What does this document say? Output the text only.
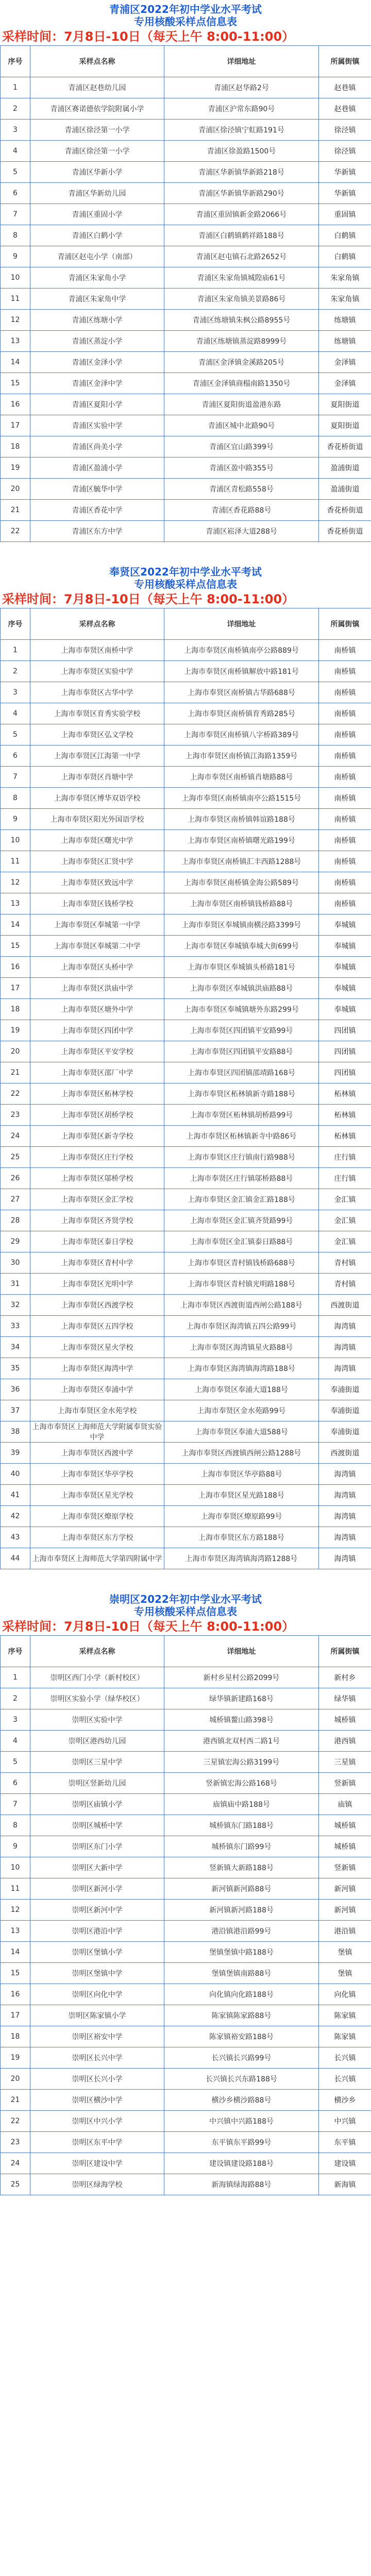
青浦区2022年初中学业水平考试
专用核酸采样点信息表
采样时间：7月8日-10日（每天上午 8:00-11:00）
序号	采样点名称	详细地址	所属街镇
1	青浦区赵巷幼儿园	青浦区赵华路2号	赵巷镇
2	青浦区赛诺德依学院附属小学	青浦区沪常东路90号	赵巷镇
3	青浦区徐泾第一小学	青浦区徐泾镇宁虹路191号	徐泾镇
4	青浦区徐泾第一小学	青浦区徐盈路1500号	徐泾镇
5	青浦区华新小学	青浦区华新镇华新路218号	华新镇
6	青浦区华新幼儿园	青浦区华新镇华新路290号	华新镇
7	青浦区重固小学	青浦区重固镇新金路2066号	重固镇
8	青浦区白鹤小学	青浦区白鹤镇鹤祥路188号	白鹤镇
9	青浦区赵屯小学（南部）	青浦区赵屯镇石北路2652号	白鹤镇
10	青浦区朱家角小学	青浦区朱家角镇城隍庙61号	朱家角镇
11	青浦区朱家角中学	青浦区朱家角镇美景路86号	朱家角镇
12	青浦区练塘小学	青浦区练塘镇朱枫公路8955号	练塘镇
13	青浦区蒸淀小学	青浦区练塘镇蒸淀路8999号	练塘镇
14	青浦区金泽小学	青浦区金泽镇金溪路205号	金泽镇
15	青浦区金泽中学	青浦区金泽镇商榻南路1350号	金泽镇
16	青浦区夏阳小学	青浦区夏阳街道盈港东路	夏阳街道
17	青浦区实验中学	青浦区城中北路90号	夏阳街道
18	青浦区尚美小学	青浦区宜山路399号	香花桥街道
19	青浦区盈浦小学	青浦区盈中路355号	盈浦街道
20	青浦区毓华中学	青浦区青松路558号	盈浦街道
21	青浦区香花中学	青浦区香花路88号	香花桥街道
22	青浦区东方中学	青浦区崧泽大道288号	香花桥街道
奉贤区2022年初中学业水平考试
专用核酸采样点信息表
采样时间：7月8日-10日（每天上午 8:00-11:00）
序号	采样点名称	详细地址	所属街镇
1	上海市奉贤区南桥中学	上海市奉贤区南桥镇南亭公路889号	南桥镇
2	上海市奉贤区实验中学	上海市奉贤区南桥镇解放中路181号	南桥镇
3	上海市奉贤区古华中学	上海市奉贤区南桥镇古华路688号	南桥镇
4	上海市奉贤区育秀实验学校	上海市奉贤区南桥镇育秀路285号	南桥镇
5	上海市奉贤区弘文学校	上海市奉贤区南桥镇八字桥路389号	南桥镇
6	上海市奉贤区江海第一中学	上海市奉贤区南桥镇江海路1359号	南桥镇
7	上海市奉贤区肖塘中学	上海市奉贤区南桥镇肖塘路88号	南桥镇
8	上海市奉贤区博华双语学校	上海市奉贤区南桥镇南亭公路1515号	南桥镇
9	上海市奉贤区阳光外国语学校	上海市奉贤区南桥镇韩谊路188号	南桥镇
10	上海市奉贤区曙光中学	上海市奉贤区南桥镇曙光路199号	南桥镇
11	上海市奉贤区汇贤中学	上海市奉贤区南桥镇汇丰西路1288号	南桥镇
12	上海市奉贤区致远中学	上海市奉贤区南桥镇金海公路589号	南桥镇
13	上海市奉贤区钱桥学校	上海市奉贤区南桥镇钱桥路88号	南桥镇
14	上海市奉贤区奉城第一中学	上海市奉贤区奉城镇南横泾路3399号	奉城镇
15	上海市奉贤区奉城第二中学	上海市奉贤区奉城镇奉城大街699号	奉城镇
16	上海市奉贤区头桥中学	上海市奉贤区奉城镇头桥路181号	奉城镇
17	上海市奉贤区洪庙中学	上海市奉贤区奉城镇洪庙路88号	奉城镇
18	上海市奉贤区塘外中学	上海市奉贤区奉城镇塘外东路299号	奉城镇
19	上海市奉贤区四团中学	上海市奉贤区四团镇平安路99号	四团镇
20	上海市奉贤区平安学校	上海市奉贤区四团镇平安路88号	四团镇
21	上海市奉贤区邵厂中学	上海市奉贤区四团镇邵靖路168号	四团镇
22	上海市奉贤区柘林学校	上海市奉贤区柘林镇新寺路188号	柘林镇
23	上海市奉贤区胡桥学校	上海市奉贤区柘林镇胡桥路99号	柘林镇
24	上海市奉贤区新寺学校	上海市奉贤区柘林镇新寺中路86号	柘林镇
25	上海市奉贤区庄行学校	上海市奉贤区庄行镇南行路988号	庄行镇
26	上海市奉贤区邬桥学校	上海市奉贤区庄行镇邬桥路88号	庄行镇
27	上海市奉贤区金汇学校	上海市奉贤区金汇镇金汇路188号	金汇镇
28	上海市奉贤区齐贤学校	上海市奉贤区金汇镇齐贤路99号	金汇镇
29	上海市奉贤区泰日学校	上海市奉贤区金汇镇泰日路88号	金汇镇
30	上海市奉贤区青村中学	上海市奉贤区青村镇钱桥路688号	青村镇
31	上海市奉贤区光明中学	上海市奉贤区青村镇光明路188号	青村镇
32	上海市奉贤区西渡学校	上海市奉贤区西渡街道西闸公路188号	西渡街道
33	上海市奉贤区五四学校	上海市奉贤区海湾镇五四公路99号	海湾镇
34	上海市奉贤区星火学校	上海市奉贤区海湾镇星火路88号	海湾镇
35	上海市奉贤区海湾中学	上海市奉贤区海湾镇海湾路188号	海湾镇
36	上海市奉贤区奉浦中学	上海市奉贤区奉浦大道188号	奉浦街道
37	上海市奉贤区金水苑学校	上海市奉贤区金水苑路99号	奉浦街道
38	上海市奉贤区上海师范大学附属奉贤实验中学	上海市奉贤区奉浦大道588号	奉浦街道
39	上海市奉贤区西渡中学	上海市奉贤区西渡镇西闸公路1288号	西渡街道
40	上海市奉贤区华亭学校	上海市奉贤区华亭路88号	海湾镇
41	上海市奉贤区星光学校	上海市奉贤区星光路188号	海湾镇
42	上海市奉贤区燎原学校	上海市奉贤区燎原路99号	海湾镇
43	上海市奉贤区东方学校	上海市奉贤区东方路188号	海湾镇
44	上海市奉贤区上海师范大学第四附属中学	上海市奉贤区海湾镇海湾路1288号	海湾镇
崇明区2022年初中学业水平考试
专用核酸采样点信息表
采样时间：7月8日-10日（每天上午 8:00-11:00）
序号	采样点名称	详细地址	所属街镇
1	崇明区西门小学（新村校区）	新村乡星村公路2099号	新村乡
2	崇明区实验小学（绿华校区）	绿华镇新建路168号	绿华镇
3	崇明区实验中学	城桥镇鳌山路398号	城桥镇
4	崇明区港西幼儿园	港西镇北双村西二路1号	港西镇
5	崇明区三星中学	三星镇宏海公路3199号	三星镇
6	崇明区竖新幼儿园	竖新镇宏海公路168号	竖新镇
7	崇明区庙镇小学	庙镇庙中路188号	庙镇
8	崇明区城桥中学	城桥镇东门路188号	城桥镇
9	崇明区东门小学	城桥镇东门路99号	城桥镇
10	崇明区大新中学	竖新镇大新路188号	竖新镇
11	崇明区新河小学	新河镇新河路88号	新河镇
12	崇明区新河中学	新河镇新河路188号	新河镇
13	崇明区港沿中学	港沿镇港沿路99号	港沿镇
14	崇明区堡镇小学	堡镇堡镇中路188号	堡镇
15	崇明区堡镇中学	堡镇堡镇南路88号	堡镇
16	崇明区向化中学	向化镇向化路188号	向化镇
17	崇明区陈家镇小学	陈家镇陈家路88号	陈家镇
18	崇明区裕安中学	陈家镇裕安路188号	陈家镇
19	崇明区长兴中学	长兴镇长兴路99号	长兴镇
20	崇明区长兴小学	长兴镇长兴东路188号	长兴镇
21	崇明区横沙中学	横沙乡横沙路88号	横沙乡
22	崇明区中兴小学	中兴镇中兴路188号	中兴镇
23	崇明区东平中学	东平镇东平路99号	东平镇
24	崇明区建设中学	建设镇建设路188号	建设镇
25	崇明区绿海学校	新海镇绿海路88号	新海镇
